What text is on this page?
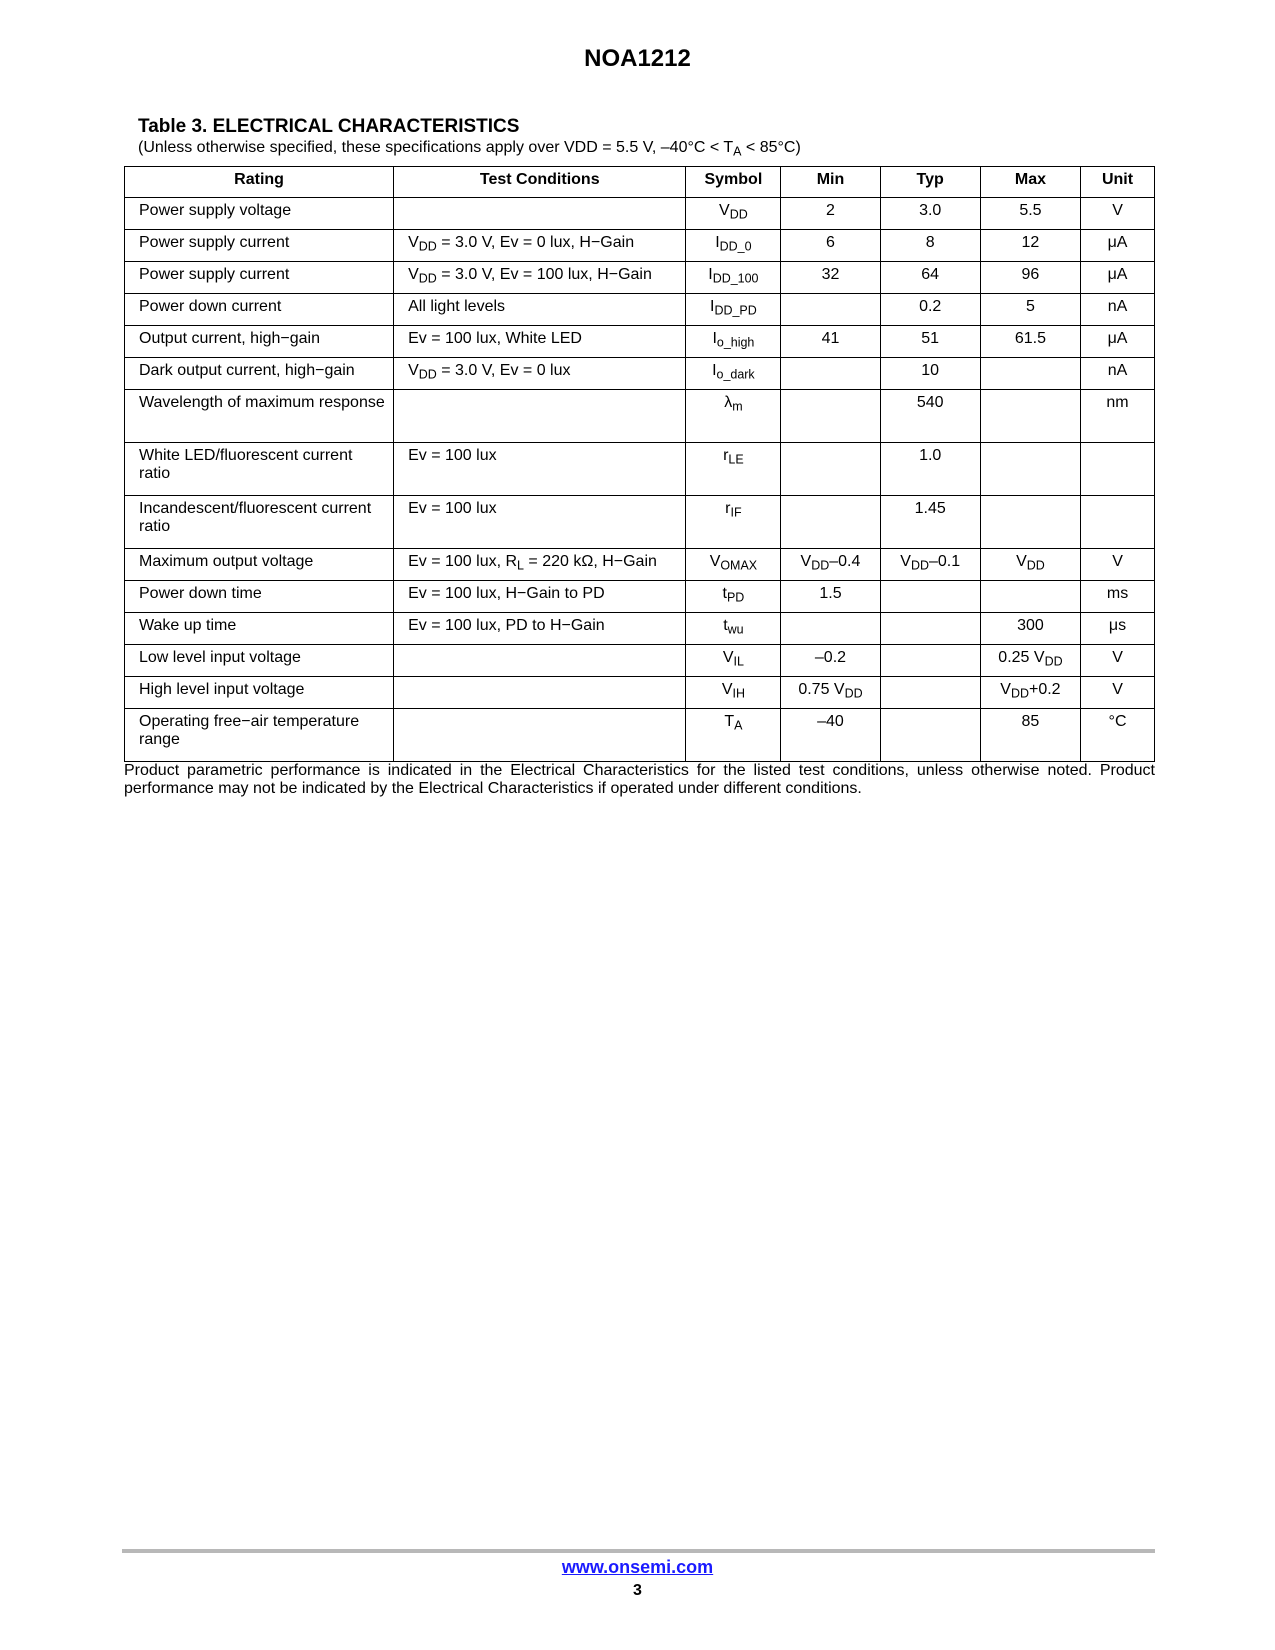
NOA1212
Table 3. ELECTRICAL CHARACTERISTICS
(Unless otherwise specified, these specifications apply over VDD = 5.5 V, $-40^\circ C < T_A < 85^\circ C$)
Rating	Test Conditions	Symbol	Min	Typ	Max	Unit
Power supply voltage		$V_{DD}$	2	3.0	5.5	V
Power supply current	$V_{DD} = 3.0$ V, Ev = 0 lux, H−Gain	$I_{DD\_0}$	6	8	12	μA
Power supply current	$V_{DD} = 3.0$ V, Ev = 100 lux, H−Gain	$I_{DD\_100}$	32	64	96	μA
Power down current	All light levels	$I_{DD\_PD}$		0.2	5	nA
Output current, high−gain	Ev = 100 lux, White LED	$I_{o\_high}$	41	51	61.5	μA
Dark output current, high−gain	$V_{DD} = 3.0$ V, Ev = 0 lux	$I_{o\_dark}$		10		nA
Wavelength of maximum response		$\lambda_m$		540		nm
White LED/fluorescent current ratio	Ev = 100 lux	$r_{LE}$		1.0		
Incandescent/fluorescent current ratio	Ev = 100 lux	$r_{IF}$		1.45		
Maximum output voltage	Ev = 100 lux, $R_L = 220$ kΩ, H−Gain	$V_{OMAX}$	$V_{DD}-0.4$	$V_{DD}-0.1$	$V_{DD}$	V
Power down time	Ev = 100 lux, H−Gain to PD	$t_{PD}$	1.5			ms
Wake up time	Ev = 100 lux, PD to H−Gain	$t_{wu}$			300	μs
Low level input voltage		$V_{IL}$	–0.2		0.25 $V_{DD}$	V
High level input voltage		$V_{IH}$	0.75 $V_{DD}$		$V_{DD}+0.2$	V
Operating free−air temperature range		$T_A$	–40		85	°C
Product parametric performance is indicated in the Electrical Characteristics for the listed test conditions, unless otherwise noted. Product performance may not be indicated by the Electrical Characteristics if operated under different conditions.
www.onsemi.com
3
